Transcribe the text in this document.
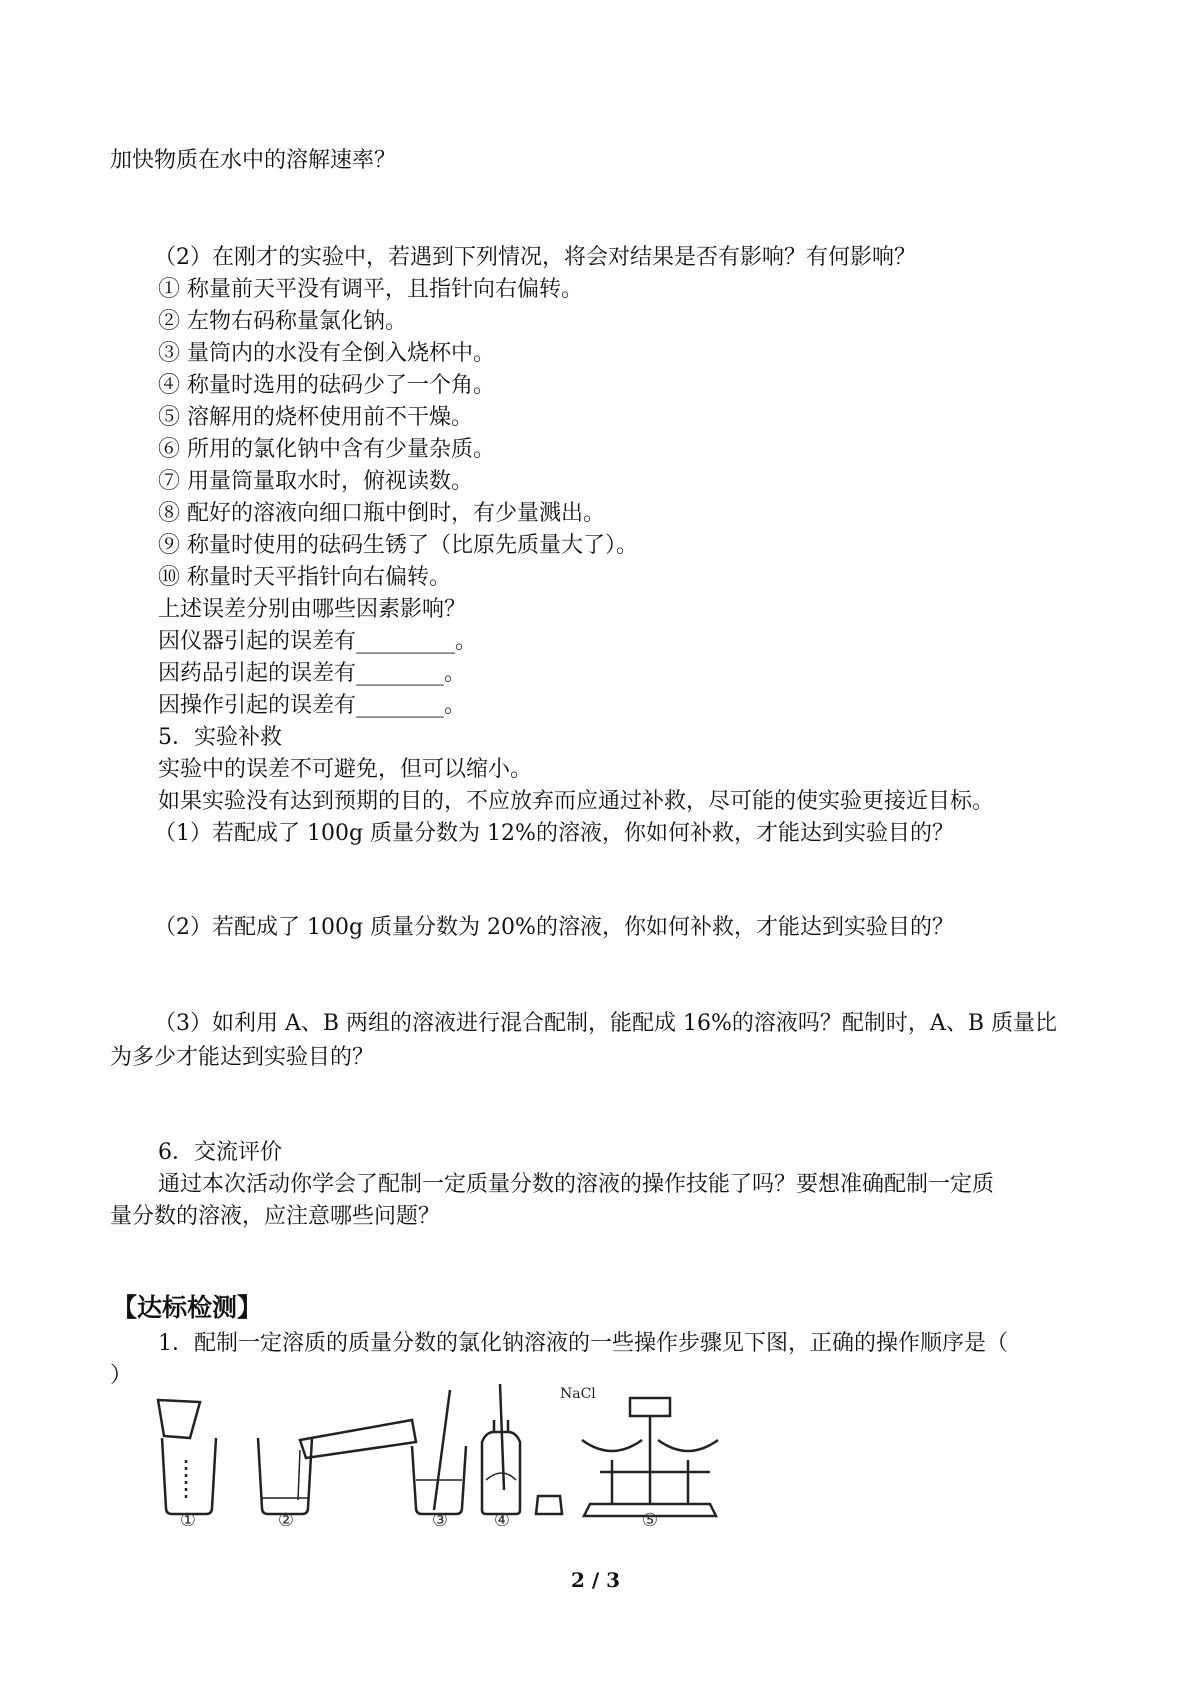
加快物质在水中的溶解速率？
（2）在刚才的实验中，若遇到下列情况，将会对结果是否有影响？有何影响？
① 称量前天平没有调平，且指针向右偏转。
② 左物右码称量氯化钠。
③ 量筒内的水没有全倒入烧杯中。
④ 称量时选用的砝码少了一个角。
⑤ 溶解用的烧杯使用前不干燥。
⑥ 所用的氯化钠中含有少量杂质。
⑦ 用量筒量取水时，俯视读数。
⑧ 配好的溶液向细口瓶中倒时，有少量溅出。
⑨ 称量时使用的砝码生锈了（比原先质量大了）。
⑩ 称量时天平指针向右偏转。
上述误差分别由哪些因素影响？
因仪器引起的误差有_________。
因药品引起的误差有________。
因操作引起的误差有________。
5．实验补救
实验中的误差不可避免，但可以缩小。
如果实验没有达到预期的目的，不应放弃而应通过补救，尽可能的使实验更接近目标。
（1）若配成了 100g 质量分数为 12%的溶液，你如何补救，才能达到实验目的？
（2）若配成了 100g 质量分数为 20%的溶液，你如何补救，才能达到实验目的？
（3）如利用 A、B 两组的溶液进行混合配制，能配成 16%的溶液吗？配制时，A、B 质量比
为多少才能达到实验目的？
6．交流评价
通过本次活动你学会了配制一定质量分数的溶液的操作技能了吗？要想准确配制一定质
量分数的溶液，应注意哪些问题？
【达标检测】
1．配制一定溶质的质量分数的氯化钠溶液的一些操作步骤见下图，正确的操作顺序是（
）
NaCl
①	②	③	④	⑤
2 / 3
